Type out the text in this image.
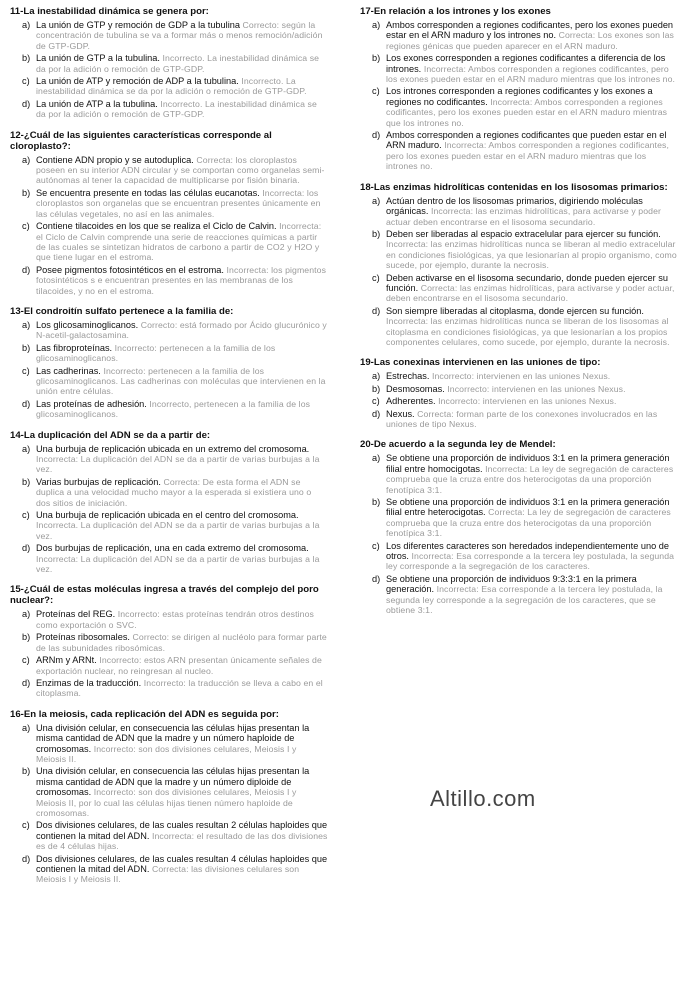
11-La inestabilidad dinámica se genera por:
a) La unión de GTP y remoción de GDP a la tubulina Correcto: según la concentración de tubulina se va a formar más o menos remoción/adición de GTP-GDP.
b) La unión de GTP a la tubulina. Incorrecto. La inestabilidad dinámica se da por la adición o remoción de GTP-GDP.
c) La unión de ATP y remoción de ADP a la tubulina. Incorrecto. La inestabilidad dinámica se da por la adición o remoción de GTP-GDP.
d) La unión de ATP a la tubulina. Incorrecto. La inestabilidad dinámica se da por la adición o remoción de GTP-GDP.
12-¿Cuál de las siguientes características corresponde al cloroplasto?:
a) Contiene ADN propio y se autoduplica. Correcta: los cloroplastos poseen en su interior ADN circular y se comportan como organelas semi-autónomas al tener la capacidad de multiplicarse por fisión binaria.
b) Se encuentra presente en todas las células eucanotas. Incorrecta: los cloroplastos son organelas que se encuentran presentes únicamente en las células vegetales, no así en las animales.
c) Contiene tilacoides en los que se realiza el Ciclo de Calvin. Incorrecta: el Ciclo de Calvin comprende una serie de reacciones químicas a partir de las cuales se sintetizan hidratos de carbono a partir de CO2 y H2O y que tiene lugar en el estroma.
d) Posee pigmentos fotosintéticos en el estroma. Incorrecta: los pigmentos fotosintéticos s e encuentran presentes en las membranas de los tilacoides, y no en el estroma.
13-El condroitín sulfato pertenece a la familia de:
a) Los glicosaminoglicanos. Correcto: está formado por Ácido glucurónico y N-acetil-galactosamina.
b) Las fibroproteínas. Incorrecto: pertenecen a la familia de los glicosaminoglicanos.
c) Las cadherinas. Incorrecto: pertenecen a la familia de los glicosaminoglicanos. Las cadherinas con moléculas que intervienen en la unión entre células.
d) Las proteínas de adhesión. Incorrecto, pertenecen a la familia de los glicosaminoglicanos.
14-La duplicación del ADN se da a partir de:
a) Una burbuja de replicación ubicada en un extremo del cromosoma. Incorrecta: La duplicación del ADN se da a partir de varias burbujas a la vez.
b) Varias burbujas de replicación. Correcta: De esta forma el ADN se duplica a una velocidad mucho mayor a la esperada si existiera uno o dos sitios de iniciación.
c) Una burbuja de replicación ubicada en el centro del cromosoma. Incorrecta. La duplicación del ADN se da a partir de varias burbujas a la vez.
d) Dos burbujas de replicación, una en cada extremo del cromosoma. Incorrecta: La duplicación del ADN se da a partir de varias burbujas a la vez.
15-¿Cuál de estas moléculas ingresa a través del complejo del poro nuclear?:
a) Proteínas del REG. Incorrecto: estas proteínas tendrán otros destinos como exportación o SVC.
b) Proteínas ribosomales. Correcto: se dirigen al nucléolo para formar parte de las subunidades ribosómicas.
c) ARNm y ARNt. Incorrecto: estos ARN presentan únicamente señales de exportación nuclear, no reingresan al nucleo.
d) Enzimas de la traducción. Incorrecto: la traducción se lleva a cabo en el citoplasma.
16-En la meiosis, cada replicación del ADN es seguida por:
a) Una división celular, en consecuencia las células hijas presentan la misma cantidad de ADN que la madre y un número haploide de cromosomas. Incorrecto: son dos divisiones celulares, Meiosis I y Meiosis II.
b) Una división celular, en consecuencia las células hijas presentan la misma cantidad de ADN que la madre y un número diploide de cromosomas. Incorrecto: son dos divisiones celulares, Meiosis I y Meiosis II, por lo cual las células hijas tienen número haploide de cromosomas.
c) Dos divisiones celulares, de las cuales resultan 2 células haploides que contienen la mitad del ADN. Incorrecta: el resultado de las dos divisiones es de 4 células hijas.
d) Dos divisiones celulares, de las cuales resultan 4 células haploides que contienen la mitad del ADN. Correcta: las divisiones celulares son Meiosis I y Meiosis II.
17-En relación a los intrones y los exones
a) Ambos corresponden a regiones codificantes, pero los exones pueden estar en el ARN maduro y los intrones no. Correcta: Los exones son las regiones génicas que pueden aparecer en el ARN maduro.
b) Los exones corresponden a regiones codificantes a diferencia de los intrones. Incorrecta: Ambos corresponden a regiones codificantes, pero los exones pueden estar en el ARN maduro mientras que los intrones no.
c) Los intrones corresponden a regiones codificantes y los exones a regiones no codificantes. Incorrecta: Ambos corresponden a regiones codificantes, pero los exones pueden estar en el ARN maduro mientras que los intrones no.
d) Ambos corresponden a regiones codificantes que pueden estar en el ARN maduro. Incorrecta: Ambos corresponden a regiones codificantes, pero los exones pueden estar en el ARN maduro mientras que los intrones no.
18-Las enzimas hidrolíticas contenidas en los lisosomas primarios:
a) Actúan dentro de los lisosomas primarios, digiriendo moléculas orgánicas. Incorrecta: las enzimas hidrolíticas, para activarse y poder actuar deben encontrarse en el lisosoma secundario.
b) Deben ser liberadas al espacio extracelular para ejercer su función. Incorrecta: las enzimas hidrolíticas nunca se liberan al medio extracelular en condiciones fisiológicas, ya que lesionarían al propio organismo, como sucede, por ejemplo, durante la necrosis.
c) Deben activarse en el lisosoma secundario, donde pueden ejercer su función. Correcta: las enzimas hidrolíticas, para activarse y poder actuar, deben encontrarse en el lisosoma secundario.
d) Son siempre liberadas al citoplasma, donde ejercen su función. Incorrecta: las enzimas hidrolíticas nunca se liberan de los lisosomas al citoplasma en condiciones fisiológicas, ya que lesionarían a los propios componentes celulares, como sucede, por ejemplo, durante la necrosis.
19-Las conexinas intervienen en las uniones de tipo:
a) Estrechas. Incorrecto: intervienen en las uniones Nexus.
b) Desmosomas. Incorrecto: intervienen en las uniones Nexus.
c) Adherentes. Incorrecto: intervienen en las uniones Nexus.
d) Nexus. Correcta: forman parte de los conexones involucrados en las uniones de tipo Nexus.
20-De acuerdo a la segunda ley de Mendel:
a) Se obtiene una proporción de individuos 3:1 en la primera generación filial entre homocigotas. Incorrecta: La ley de segregación de caracteres comprueba que la cruza entre dos heterocigotas da una proporción fenotípica 3:1.
b) Se obtiene una proporción de individuos 3:1 en la primera generación filial entre heterocigotas. Correcta: La ley de segregación de caracteres comprueba que la cruza entre dos heterocigotas da una proporción fenotípica 3:1.
c) Los diferentes caracteres son heredados independientemente uno de otros. Incorrecta: Esa corresponde a la tercera ley postulada, la segunda ley corresponde a la segregación de los caracteres.
d) Se obtiene una proporción de individuos 9:3:3:1 en la primera generación. Incorrecta: Esa corresponde a la tercera ley postulada, la segunda ley corresponde a la segregación de los caracteres, que se obtiene 3:1.
Altillo.com
